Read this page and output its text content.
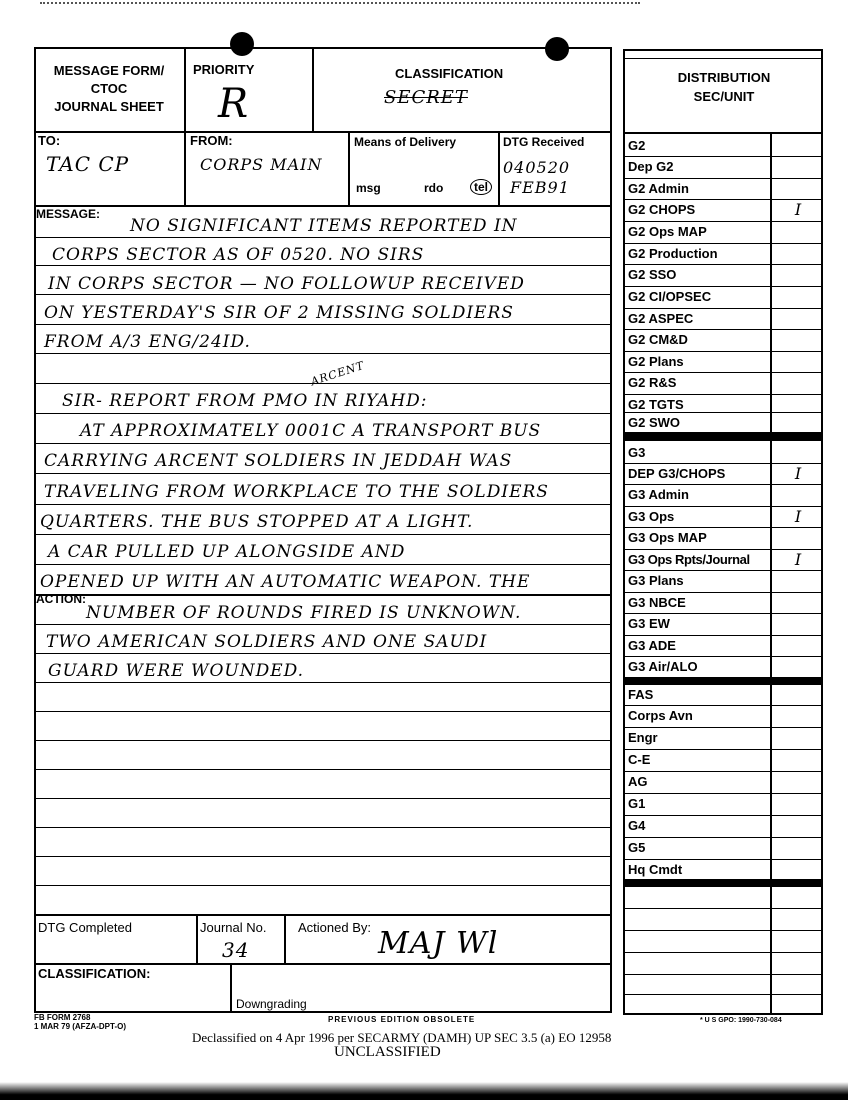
MESSAGE FORM/
CTOC
JOURNAL SHEET
PRIORITY
R
CLASSIFICATION
SECRET
TO:
TAC CP
FROM:
CORPS MAIN
Means of Delivery
msg	rdo	tel
DTG Received
040520
FEB91
MESSAGE:
ARCENT
NO SIGNIFICANT ITEMS REPORTED IN
CORPS SECTOR AS OF 0520. NO SIRS
IN CORPS SECTOR — NO FOLLOWUP RECEIVED
ON YESTERDAY'S SIR OF 2 MISSING SOLDIERS
FROM A/3 ENG/24ID.
SIR- REPORT FROM PMO IN RIYAHD:
AT APPROXIMATELY 0001C A TRANSPORT BUS
CARRYING ARCENT SOLDIERS IN JEDDAH WAS
TRAVELING FROM WORKPLACE TO THE SOLDIERS
QUARTERS. THE BUS STOPPED AT A LIGHT.
A CAR PULLED UP ALONGSIDE AND
OPENED UP WITH AN AUTOMATIC WEAPON. THE
ACTION:
NUMBER OF ROUNDS FIRED IS UNKNOWN.
TWO AMERICAN SOLDIERS AND ONE SAUDI
GUARD WERE WOUNDED.
DTG Completed	Journal No.
34
Actioned By: MAJ Wl
CLASSIFICATION:
Downgrading
FB FORM 2768
1 MAR 79 (AFZA-DPT-O)
PREVIOUS EDITION OBSOLETE	* U S GPO: 1990-730-084
Declassified on 4 Apr 1996 per SECARMY (DAMH) UP SEC 3.5 (a) EO 12958
UNCLASSIFIED
DISTRIBUTION
SEC/UNIT
G2
Dep G2
G2 Admin
G2 CHOPS	I
G2 Ops MAP
G2 Production
G2 SSO
G2 CI/OPSEC
G2 ASPEC
G2 CM&D
G2 Plans
G2 R&S
G2 TGTS
G2 SWO
G3
DEP G3/CHOPS	I
G3 Admin
G3 Ops	I
G3 Ops MAP
G3 Ops Rpts/Journal	I
G3 Plans
G3 NBCE
G3 EW
G3 ADE
G3 Air/ALO
FAS
Corps Avn
Engr
C-E
AG
G1
G4
G5
Hq Cmdt
